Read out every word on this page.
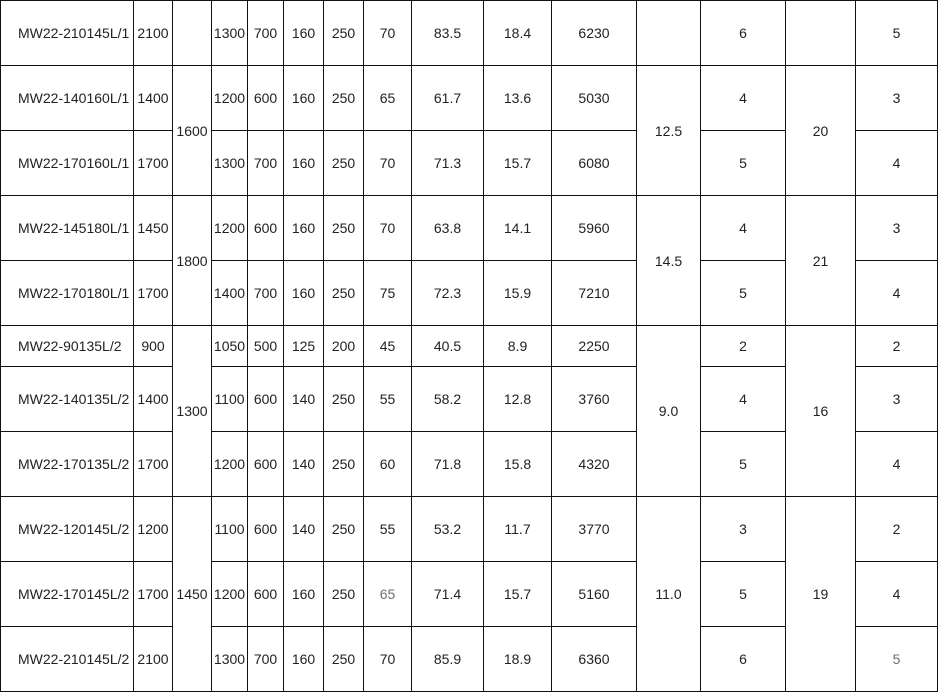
MW22-210145L/1	2100		1300	700	160	250	70	83.5	18.4	6230		6		5
MW22-140160L/1	1400	1600	1200	600	160	250	65	61.7	13.6	5030	12.5	4	20	3
MW22-170160L/1	1700		1300	700	160	250	70	71.3	15.7	6080		5		4
MW22-145180L/1	1450	1800	1200	600	160	250	70	63.8	14.1	5960	14.5	4	21	3
MW22-170180L/1	1700		1400	700	160	250	75	72.3	15.9	7210		5		4
MW22-90135L/2	900	1300	1050	500	125	200	45	40.5	8.9	2250	9.0	2	16	2
MW22-140135L/2	1400		1100	600	140	250	55	58.2	12.8	3760		4		3
MW22-170135L/2	1700		1200	600	140	250	60	71.8	15.8	4320		5		4
MW22-120145L/2	1200	1450	1100	600	140	250	55	53.2	11.7	3770	11.0	3	19	2
MW22-170145L/2	1700		1200	600	160	250	65	71.4	15.7	5160		5		4
MW22-210145L/2	2100		1300	700	160	250	70	85.9	18.9	6360		6		5
